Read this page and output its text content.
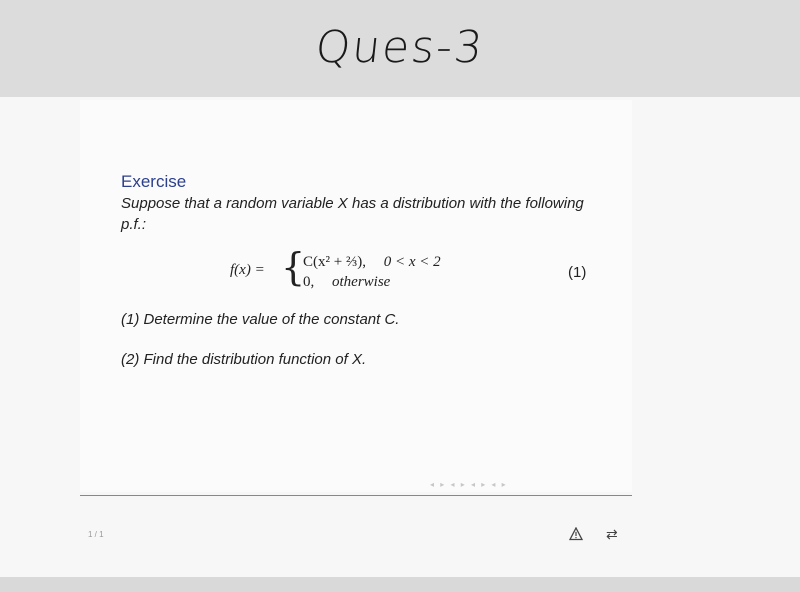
Ques-3
Exercise
Suppose that a random variable X has a distribution with the following p.f.:
f(x) = {
C(x² + ⅔), 0 < x < 2
0, otherwise
(1)
(1) Determine the value of the constant C.
(2) Find the distribution function of X.
◂ ▸ ◂ ▸ ◂ ▸ ◂ ▸
1 / 1	⇄
